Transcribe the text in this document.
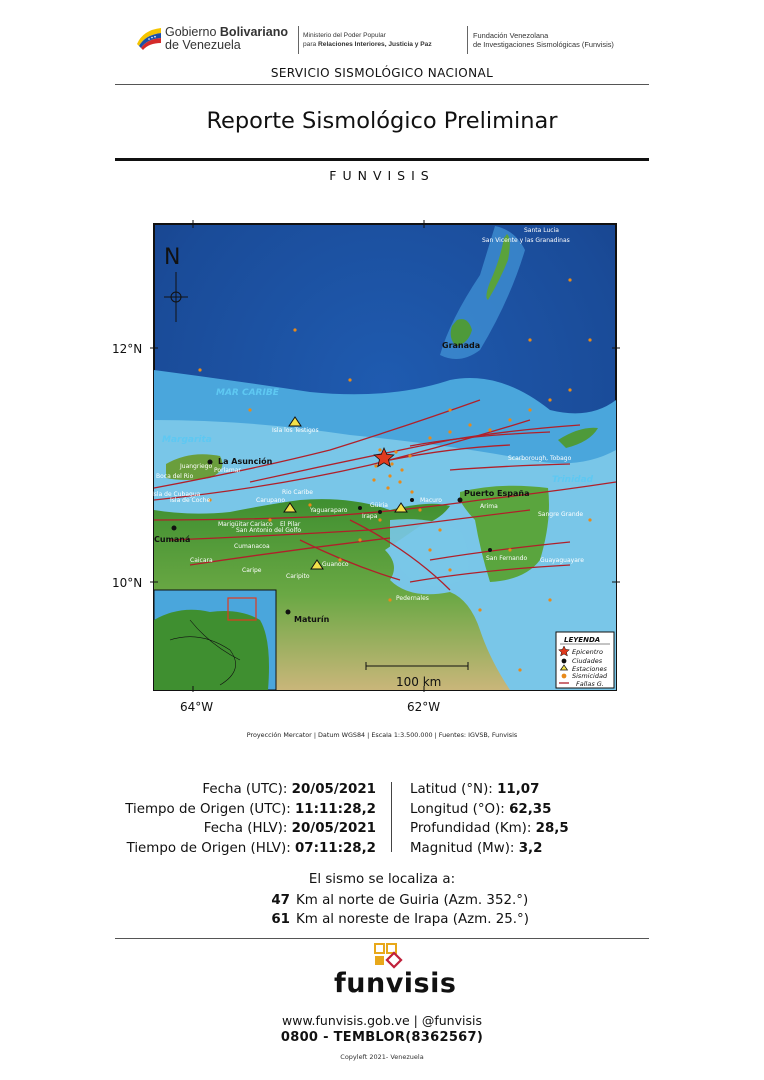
Gobierno Bolivariano
de Venezuela
Ministerio del Poder Popular
para Relaciones Interiores, Justicia y Paz
Fundación Venezolana
de Investigaciones Sismológicas (Funvisis)
SERVICIO SISMOLÓGICO NACIONAL
Reporte Sismológico Preliminar
FUNVISIS
12°N
10°N
64°W	62°W
MAR CARIBE
Margarita
Trinidad
Santa Lucia
San Vicente y las Granadinas
Isla los Testigos
Juangriego
Porlamar
Boca del Rio
Isla de Cubagua
Isla de Coche
Scarborough, Tobago
Arima
Sangre Grande
San Fernando Guayaguayare
Rio Caribe
Carupano
Yaguaraparo
Irapa
Güiria
Macuro
Marigüitar Cariaco El Pilar
San Antonio del Golfo
Cumanacoa
Caicara
Caripe
Caripito
Guanoco
Pedernales
Granada
La Asunción
Puerto España
Cumaná
Maturín
N
100 km
LEYENDA
Epicentro
Ciudades
Estaciones
Sismicidad
Fallas G.
Proyección Mercator | Datum WGS84 | Escala 1:3.500.000 | Fuentes: IGVSB, Funvisis
Fecha (UTC): 20/05/2021
Tiempo de Origen (UTC): 11:11:28,2
Fecha (HLV): 20/05/2021
Tiempo de Origen (HLV): 07:11:28,2
Latitud (°N): 11,07
Longitud (°O): 62,35
Profundidad (Km): 28,5
Magnitud (Mw): 3,2
El sismo se localiza a:
47 Km al norte de Guiria (Azm. 352.°)
61 Km al noreste de Irapa (Azm. 25.°)
funvisis
www.funvisis.gob.ve | @funvisis
0800 - TEMBLOR(8362567)
Copyleft 2021- Venezuela
